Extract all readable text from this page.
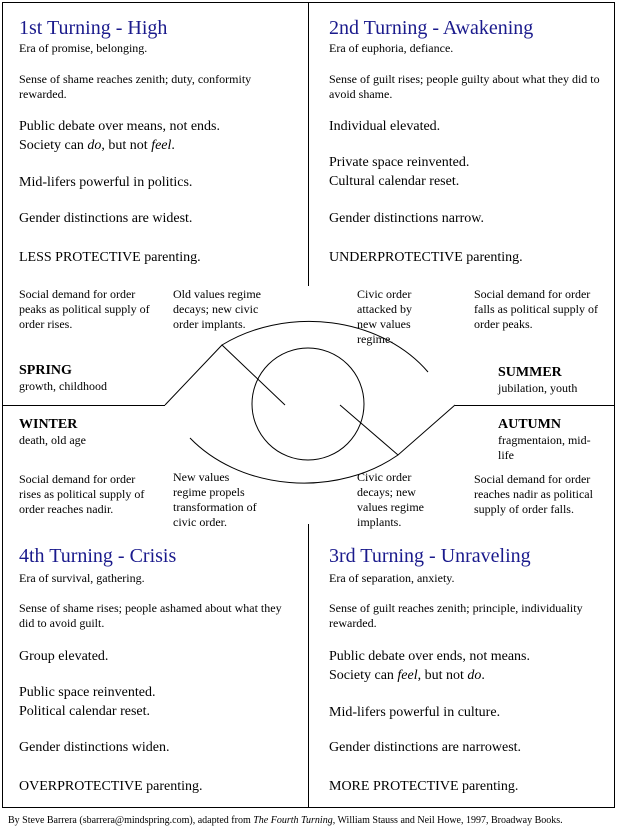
1st Turning - High
Era of promise, belonging.
Sense of shame reaches zenith; duty, conformity rewarded.
Public debate over means, not ends.
Society can do, but not feel.
Mid-lifers powerful in politics.
Gender distinctions are widest.
LESS PROTECTIVE parenting.
2nd Turning - Awakening
Era of euphoria, defiance.
Sense of guilt rises; people guilty about what they did to avoid shame.
Individual elevated.
Private space reinvented.
Cultural calendar reset.
Gender distinctions narrow.
UNDERPROTECTIVE parenting.
4th Turning - Crisis
Era of survival, gathering.
Sense of shame rises; people ashamed about what they did to avoid guilt.
Group elevated.
Public space reinvented.
Political calendar reset.
Gender distinctions widen.
OVERPROTECTIVE parenting.
3rd Turning - Unraveling
Era of separation, anxiety.
Sense of guilt reaches zenith; principle, individuality rewarded.
Public debate over ends, not means.
Society can feel, but not do.
Mid-lifers powerful in culture.
Gender distinctions are narrowest.
MORE PROTECTIVE parenting.
Social demand for order peaks as political supply of order rises.
Social demand for order falls as political supply of order peaks.
Social demand for order rises as political supply of order reaches nadir.
Social demand for order reaches nadir as political supply of order falls.
Old values regime decays; new civic order implants.
Civic order attacked by new values regime.
New values regime propels transformation of civic order.
Civic order decays; new values regime implants.
SPRING
growth, childhood
SUMMER
jubilation, youth
WINTER
death, old age
AUTUMN
fragmentaion, mid-life
By Steve Barrera (sbarrera@mindspring.com), adapted from The Fourth Turning, William Stauss and Neil Howe, 1997, Broadway Books.
